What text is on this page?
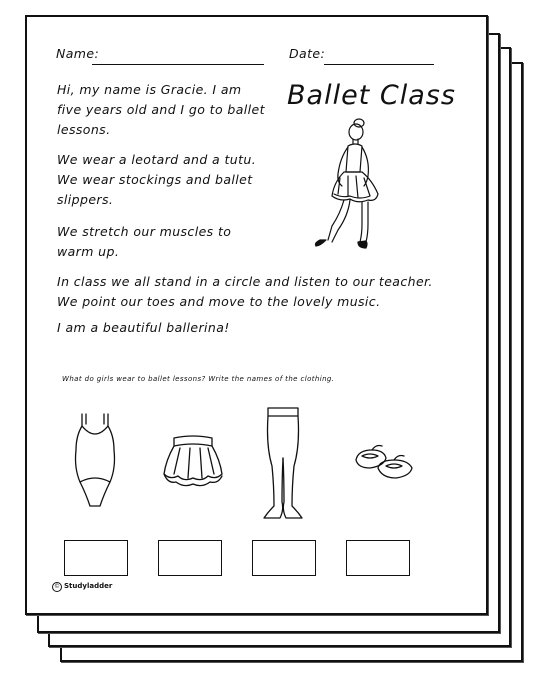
Name:	Date:
Ballet Class
Hi, my name is Gracie. I am
five years old and I go to ballet
lessons.
We wear a leotard and a tutu.
We wear stockings and ballet
slippers.
We stretch our muscles to
warm up.
In class we all stand in a circle and listen to our teacher.
We point our toes and move to the lovely music.
I am a beautiful ballerina!
What do girls wear to ballet lessons? Write the names of the clothing.
© Studyladder
